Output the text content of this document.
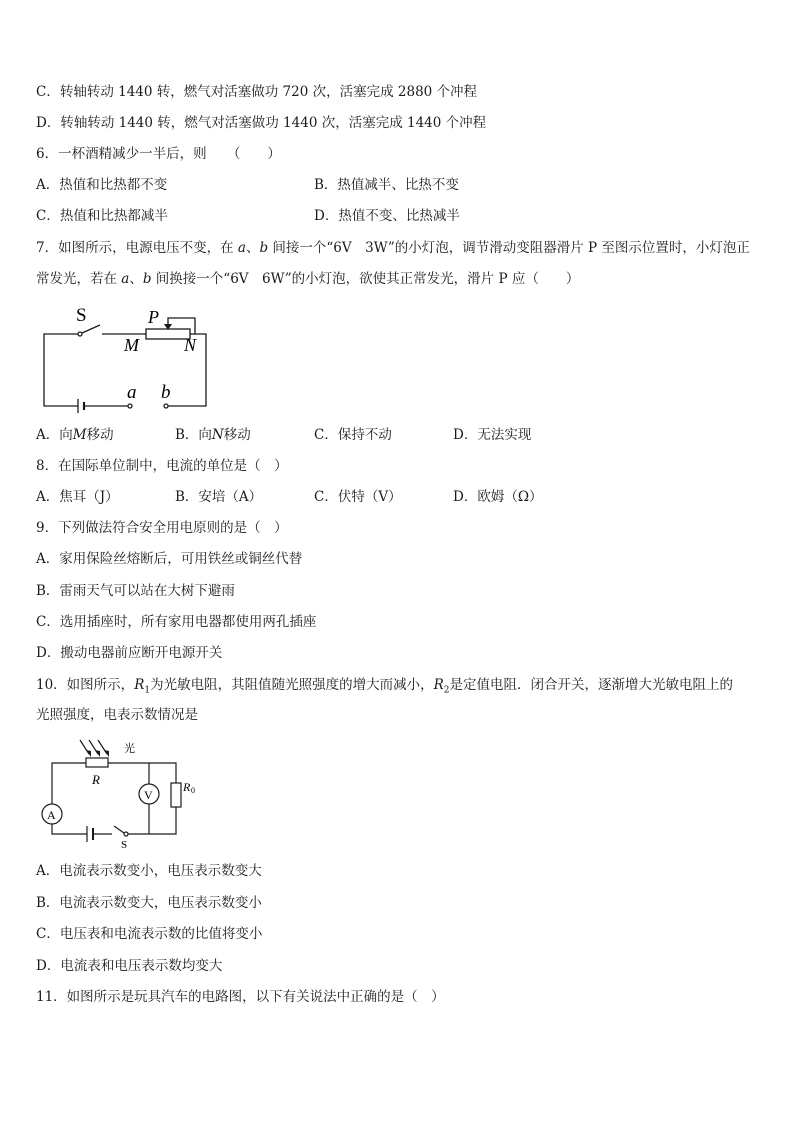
C．转轴转动 1440 转，燃气对活塞做功 720 次，活塞完成 2880 个冲程
D．转轴转动 1440 转，燃气对活塞做功 1440 次，活塞完成 1440 个冲程
6．一杯酒精减少一半后，则　　（　　）
A．热值和比热都不变	B．热值减半、比热不变
C．热值和比热都减半	D．热值不变、比热减半
7．如图所示，电源电压不变，在 a、b 间接一个“6V　3W”的小灯泡，调节滑动变阻器滑片 P 至图示位置时，小灯泡正
常发光，若在 a、b 间换接一个“6V　6W”的小灯泡，欲使其正常发光，滑片 P 应（　　）
S	P
M	N
a b
A．向M移动	B．向N移动	C．保持不动	D．无法实现
8．在国际单位制中，电流的单位是（　）
A．焦耳（J）	B．安培（A）	C．伏特（V）	D．欧姆（Ω）
9．下列做法符合安全用电原则的是（　）
A．家用保险丝熔断后，可用铁丝或铜丝代替
B．雷雨天气可以站在大树下避雨
C．选用插座时，所有家用电器都使用两孔插座
D．搬动电器前应断开电源开关
10．如图所示，$R_1$为光敏电阻，其阻值随光照强度的增大而减小，$R_2$是定值电阻．闭合开关，逐渐增大光敏电阻上的
光照强度，电表示数情况是
光
R	R 0
V
A
S
A．电流表示数变小，电压表示数变大
B．电流表示数变大，电压表示数变小
C．电压表和电流表示数的比值将变小
D．电流表和电压表示数均变大
11．如图所示是玩具汽车的电路图，以下有关说法中正确的是（　）
